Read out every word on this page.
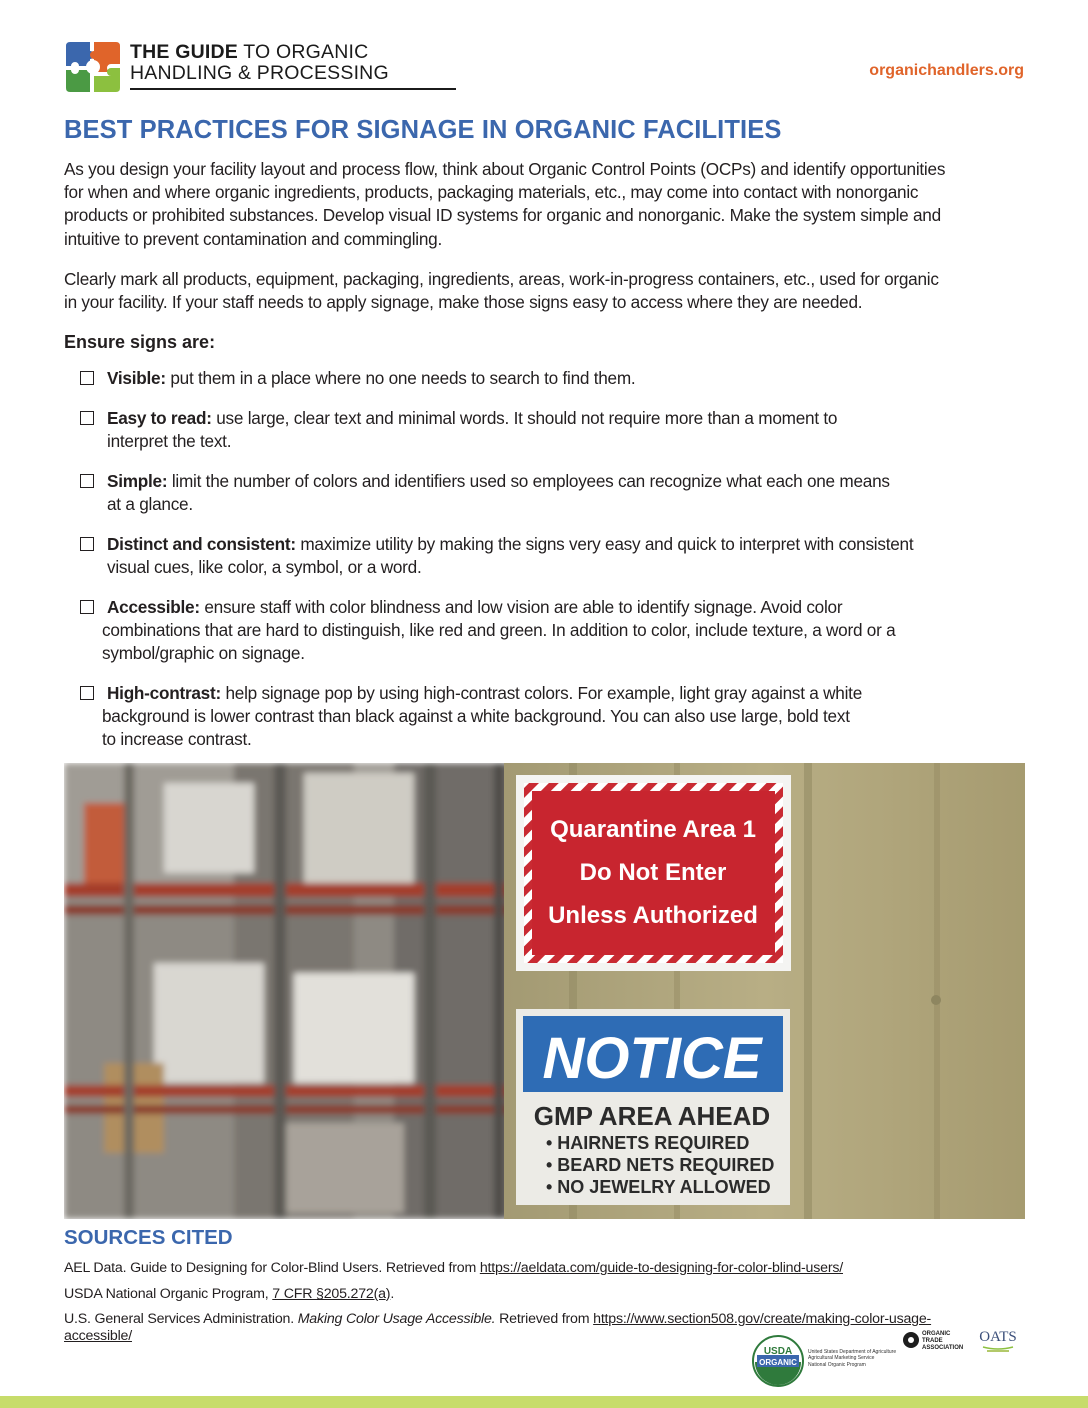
THE GUIDE TO ORGANIC
HANDLING & PROCESSING	organichandlers.org
BEST PRACTICES FOR SIGNAGE IN ORGANIC FACILITIES

As you design your facility layout and process flow, think about Organic Control Points (OCPs) and identify opportunities
for when and where organic ingredients, products, packaging materials, etc., may come into contact with nonorganic
products or prohibited substances. Develop visual ID systems for organic and nonorganic. Make the system simple and
intuitive to prevent contamination and commingling.

Clearly mark all products, equipment, packaging, ingredients, areas, work-in-progress containers, etc., used for organic
in your facility. If your staff needs to apply signage, make those signs easy to access where they are needed.

Ensure signs are:
Visible: put them in a place where no one needs to search to find them.
Easy to read: use large, clear text and minimal words. It should not require more than a moment to
interpret the text.
Simple: limit the number of colors and identifiers used so employees can recognize what each one means
at a glance.
Distinct and consistent: maximize utility by making the signs very easy and quick to interpret with consistent
visual cues, like color, a symbol, or a word.
Accessible: ensure staff with color blindness and low vision are able to identify signage. Avoid color
combinations that are hard to distinguish, like red and green. In addition to color, include texture, a word or a
symbol/graphic on signage.
High-contrast: help signage pop by using high-contrast colors. For example, light gray against a white
background is lower contrast than black against a white background. You can also use large, bold text
to increase contrast.
Quarantine Area 1
Do Not Enter
Unless Authorized
NOTICE
GMP AREA AHEAD
• HAIRNETS REQUIRED
• BEARD NETS REQUIRED
• NO JEWELRY ALLOWED
SOURCES CITED
AEL Data. Guide to Designing for Color-Blind Users. Retrieved from https://aeldata.com/guide-to-designing-for-color-blind-users/
USDA National Organic Program, 7 CFR §205.272(a).
U.S. General Services Administration. Making Color Usage Accessible. Retrieved from https://www.section508.gov/create/making-color-usage-
accessible/
USDA
ORGANIC
United States Department of Agriculture
Agricultural Marketing Service
National Organic Program
ORGANIC
TRADE
ASSOCIATION
OATS
